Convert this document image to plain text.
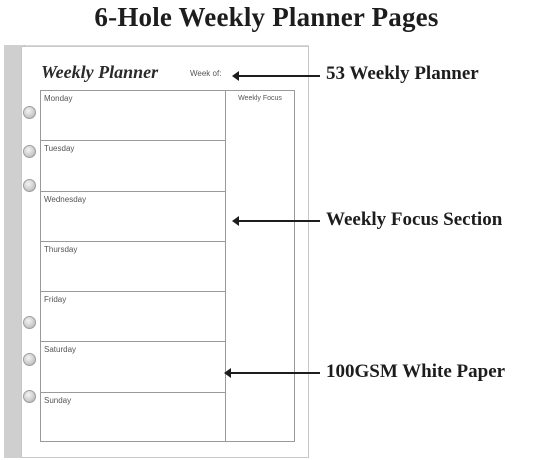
6-Hole Weekly Planner Pages
Weekly Planner	Week of:
Monday
Tuesday
Wednesday
Thursday
Friday
Saturday
Sunday
Weekly Focus
53 Weekly Planner
Weekly Focus Section
100GSM White Paper
